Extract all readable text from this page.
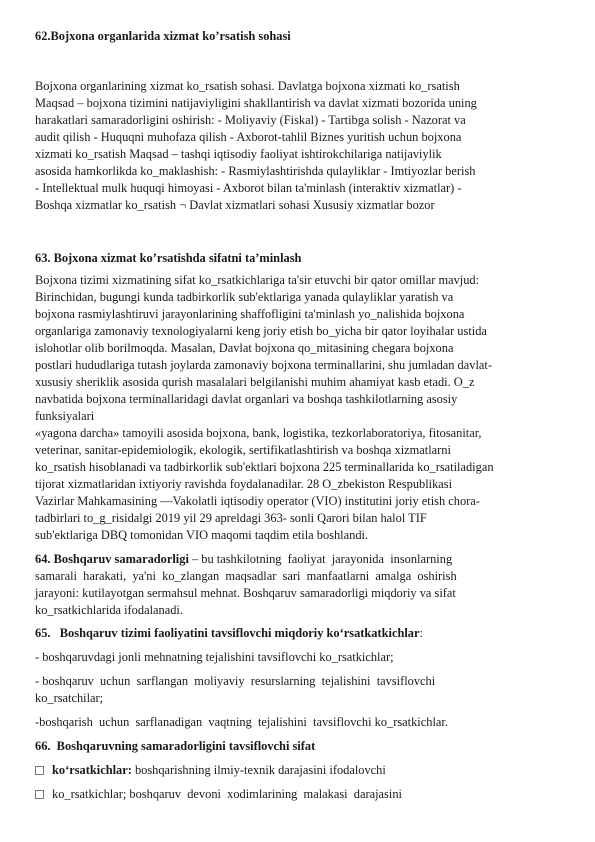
62.Bojxona organlarida xizmat ko’rsatish sohasi

Bojxona organlarining xizmat ko_rsatish sohasi. Davlatga bojxona xizmati ko_rsatish

Maqsad – bojxona tizimini natijaviyligini shakllantirish va davlat xizmati bozorida uning

harakatlari samaradorligini oshirish: - Moliyaviy (Fiskal) - Tartibga solish - Nazorat va

audit qilish - Huquqni muhofaza qilish - Axborot-tahlil Biznes yuritish uchun bojxona

xizmati ko_rsatish Maqsad – tashqi iqtisodiy faoliyat ishtirokchilariga natijaviylik

asosida hamkorlikda ko_maklashish: - Rasmiylashtirishda qulayliklar - Imtiyozlar berish

- Intellektual mulk huquqi himoyasi - Axborot bilan ta'minlash (interaktiv xizmatlar) -

Boshqa xizmatlar ko_rsatish ¬ Davlat xizmatlari sohasi Xususiy xizmatlar bozor

63. Bojxona xizmat ko’rsatishda sifatni ta’minlash

Bojxona tizimi xizmatining sifat ko_rsatkichlariga ta'sir etuvchi bir qator omillar mavjud:

Birinchidan, bugungi kunda tadbirkorlik sub'ektlariga yanada qulayliklar yaratish va

bojxona rasmiylashtiruvi jarayonlarining shaffofligini ta'minlash yo_nalishida bojxona

organlariga zamonaviy texnologiyalarni keng joriy etish bo_yicha bir qator loyihalar ustida

islohotlar olib borilmoqda. Masalan, Davlat bojxona qo_mitasining chegara bojxona

postlari hududlariga tutash joylarda zamonaviy bojxona terminallarini, shu jumladan davlat-

xususiy sheriklik asosida qurish masalalari belgilanishi muhim ahamiyat kasb etadi. O_z

navbatida bojxona terminallaridagi davlat organlari va boshqa tashkilotlarning asosiy

funksiyalari

«yagona darcha» tamoyili asosida bojxona, bank, logistika, tezkorlaboratoriya, fitosanitar,

veterinar, sanitar-epidemiologik, ekologik, sertifikatlashtirish va boshqa xizmatlarni

ko_rsatish hisoblanadi va tadbirkorlik sub'ektlari bojxona 225 terminallarida ko_rsatiladigan

tijorat xizmatlaridan ixtiyoriy ravishda foydalanadilar. 28 O_zbekiston Respublikasi

Vazirlar Mahkamasining —Vakolatli iqtisodiy operator (VIO) institutini joriy etish chora-

tadbirlari to_g_risidalgi 2019 yil 29 apreldagi 363- sonli Qarori bilan halol TIF

sub'ektlariga DBQ tomonidan VIO maqomi taqdim etila boshlandi.

64. Boshqaruv samaradorligi – bu tashkilotning  faoliyat  jarayonida  insonlarning

samarali  harakati,  ya'ni  ko_zlangan  maqsadlar  sari  manfaatlarni  amalga  oshirish

jarayoni: kutilayotgan sermahsul mehnat. Boshqaruv samaradorligi miqdoriy va sifat

ko_rsatkichlarida ifodalanadi.

65.   Boshqaruv tizimi faoliyatini tavsiflovchi miqdoriy ko‘rsatkatkichlar:

- boshqaruvdagi jonli mehnatning tejalishini tavsiflovchi ko_rsatkichlar;

- boshqaruv  uchun  sarflangan  moliyaviy  resurslarning  tejalishini  tavsiflovchi

ko_rsatchilar;

-boshqarish  uchun  sarflanadigan  vaqtning  tejalishini  tavsiflovchi ko_rsatkichlar.

66.  Boshqaruvning samaradorligini tavsiflovchi sifat

ko‘rsatkichlar: boshqarishning ilmiy-texnik darajasini ifodalovchi

ko_rsatkichlar; boshqaruv  devoni  xodimlarining  malakasi  darajasini
